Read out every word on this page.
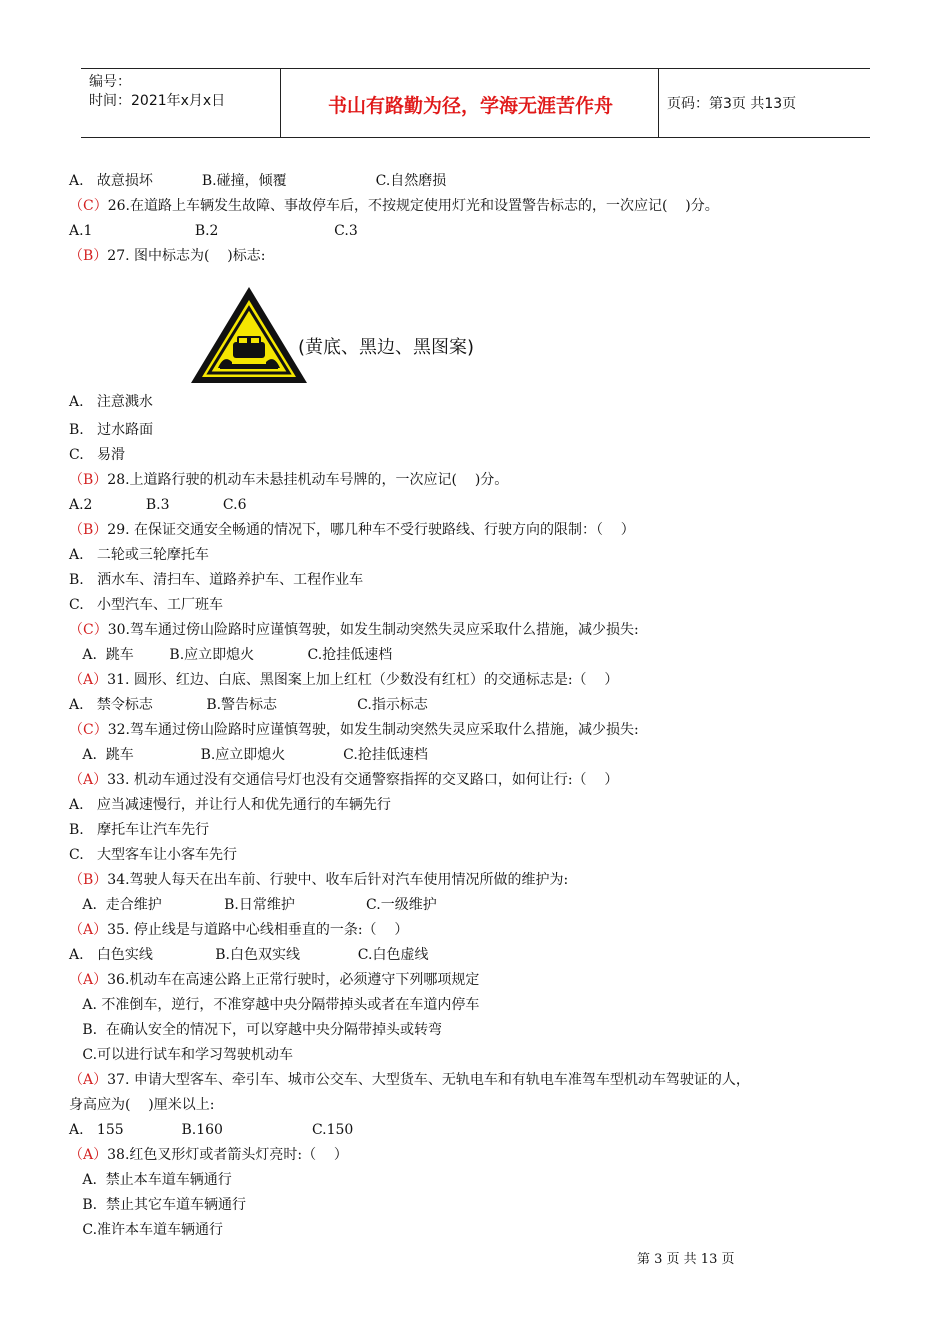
编号：
时间：2021年x月x日	书山有路勤为径，学海无涯苦作舟	页码：第3页 共13页
A.   故意损坏           B.碰撞，倾覆                    C.自然磨损
（C）26.在道路上车辆发生故障、事故停车后，不按规定使用灯光和设置警告标志的，一次应记(    )分。
A.1                       B.2                          C.3
（B）27. 图中标志为(    )标志:
A.   注意溅水
B.   过水路面
C.   易滑
（B）28.上道路行驶的机动车未悬挂机动车号牌的，一次应记(    )分。
A.2            B.3            C.6
（B）29. 在保证交通安全畅通的情况下，哪几种车不受行驶路线、行驶方向的限制：（    ）
A.   二轮或三轮摩托车
B.   洒水车、清扫车、道路养护车、工程作业车
C.   小型汽车、工厂班车
（C）30.驾车通过傍山险路时应谨慎驾驶，如发生制动突然失灵应采取什么措施，减少损失:
A.  跳车        B.应立即熄火            C.抢挂低速档
（A）31. 圆形、红边、白底、黑图案上加上红杠（少数没有红杠）的交通标志是:（    ）
A.   禁令标志            B.警告标志                  C.指示标志
（C）32.驾车通过傍山险路时应谨慎驾驶，如发生制动突然失灵应采取什么措施，减少损失:
A.  跳车               B.应立即熄火             C.抢挂低速档
（A）33. 机动车通过没有交通信号灯也没有交通警察指挥的交叉路口，如何让行:（    ）
A.   应当减速慢行，并让行人和优先通行的车辆先行
B.   摩托车让汽车先行
C.   大型客车让小客车先行
（B）34.驾驶人每天在出车前、行驶中、收车后针对汽车使用情况所做的维护为:
A.  走合维护              B.日常维护                C.一级维护
（A）35. 停止线是与道路中心线相垂直的一条:（    ）
A.   白色实线              B.白色双实线             C.白色虚线
（A）36.机动车在高速公路上正常行驶时，必须遵守下列哪项规定
A. 不准倒车，逆行，不准穿越中央分隔带掉头或者在车道内停车
B.  在确认安全的情况下，可以穿越中央分隔带掉头或转弯
C.可以进行试车和学习驾驶机动车
（A）37. 申请大型客车、牵引车、城市公交车、大型货车、无轨电车和有轨电车准驾车型机动车驾驶证的人，
身高应为(    )厘米以上:
A.   155             B.160                    C.150
（A）38.红色叉形灯或者箭头灯亮时:（    ）
A.  禁止本车道车辆通行
B.  禁止其它车道车辆通行
C.准许本车道车辆通行
(黄底、黑边、黑图案)
第 3 页 共 13 页
